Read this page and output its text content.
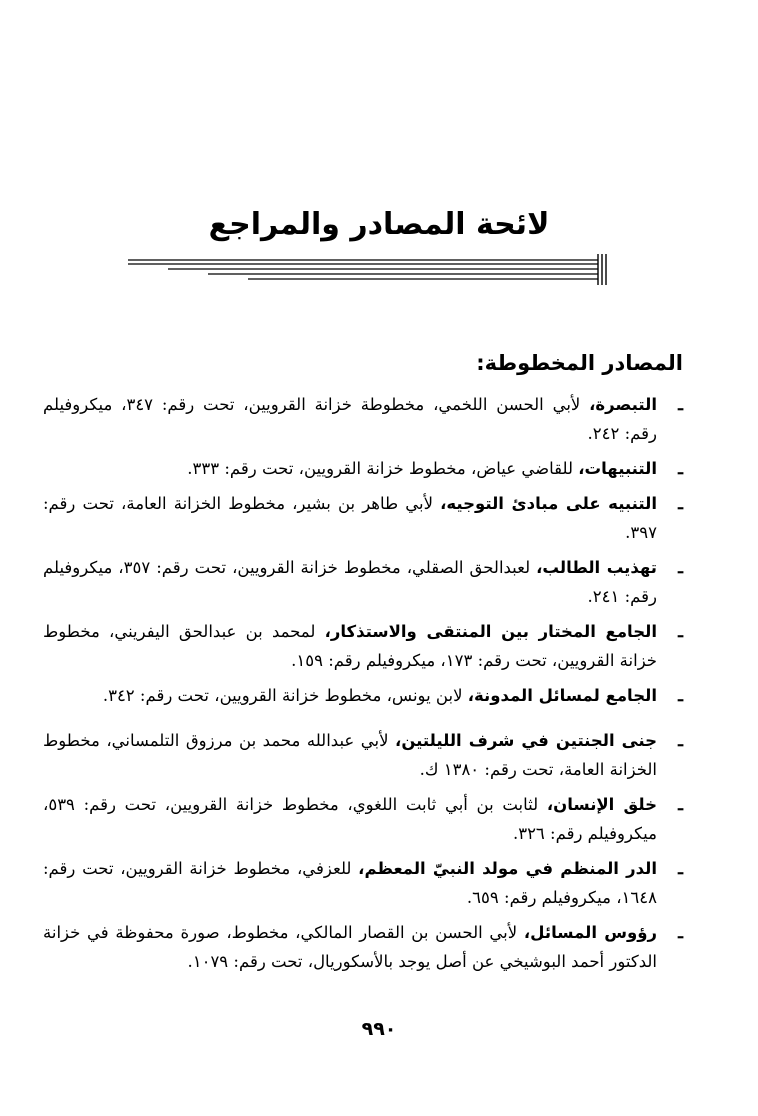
لائحة المصادر والمراجع
المصادر المخطوطة:
ـ
التبصرة، لأبي الحسن اللخمي، مخطوطة خزانة القرويين، تحت رقم: ٣٤٧، ميكروفيلم رقم: ٢٤٢.
ـ
التنبيهات، للقاضي عياض، مخطوط خزانة القرويين، تحت رقم: ٣٣٣.
ـ
التنبيه على مبادئ التوجيه، لأبي طاهر بن بشير، مخطوط الخزانة العامة، تحت رقم: ٣٩٧.
ـ
تهذيب الطالب، لعبدالحق الصقلي، مخطوط خزانة القرويين، تحت رقم: ٣٥٧، ميكروفيلم رقم: ٢٤١.
ـ
الجامع المختار بين المنتقى والاستذكار، لمحمد بن عبدالحق اليفريني، مخطوط خزانة القرويين، تحت رقم: ١٧٣، ميكروفيلم رقم: ١٥٩.
ـ
الجامع لمسائل المدونة، لابن يونس، مخطوط خزانة القرويين، تحت رقم: ٣٤٢.
ـ
جنى الجنتين في شرف الليلتين، لأبي عبدالله محمد بن مرزوق التلمساني، مخطوط الخزانة العامة، تحت رقم: ١٣٨٠ ك.
ـ
خلق الإنسان، لثابت بن أبي ثابت اللغوي، مخطوط خزانة القرويين، تحت رقم: ٥٣٩، ميكروفيلم رقم: ٣٢٦.
ـ
الدر المنظم في مولد النبيّ المعظم، للعزفي، مخطوط خزانة القرويين، تحت رقم: ١٦٤٨، ميكروفيلم رقم: ٦٥٩.
ـ
رؤوس المسائل، لأبي الحسن بن القصار المالكي، مخطوط، صورة محفوظة في خزانة الدكتور أحمد البوشيخي عن أصل يوجد بالأسكوريال، تحت رقم: ١٠٧٩.
٩٩٠
